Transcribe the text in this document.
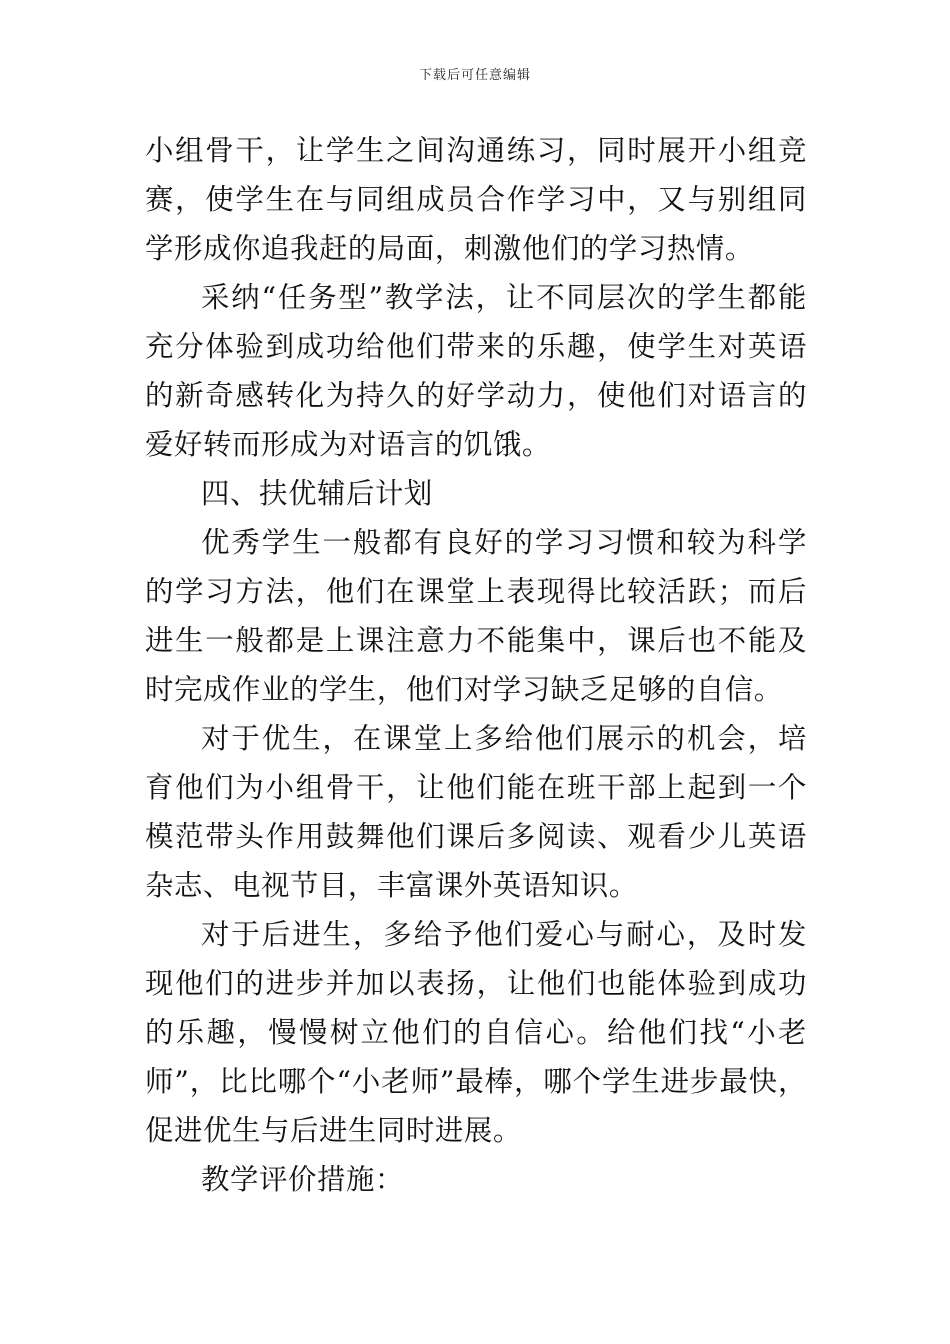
下载后可任意编辑

小组骨干，让学生之间沟通练习，同时展开小组竞赛，使学生在与同组成员合作学习中，又与别组同学形成你追我赶的局面，刺激他们的学习热情。

采纳“任务型”教学法，让不同层次的学生都能充分体验到成功给他们带来的乐趣，使学生对英语的新奇感转化为持久的好学动力，使他们对语言的爱好转而形成为对语言的饥饿。

四、扶优辅后计划

优秀学生一般都有良好的学习习惯和较为科学的学习方法，他们在课堂上表现得比较活跃；而后进生一般都是上课注意力不能集中，课后也不能及时完成作业的学生，他们对学习缺乏足够的自信。

对于优生，在课堂上多给他们展示的机会，培育他们为小组骨干，让他们能在班干部上起到一个模范带头作用鼓舞他们课后多阅读、观看少儿英语杂志、电视节目，丰富课外英语知识。

对于后进生，多给予他们爱心与耐心，及时发现他们的进步并加以表扬，让他们也能体验到成功的乐趣，慢慢树立他们的自信心。给他们找“小老师”，比比哪个“小老师”最棒，哪个学生进步最快，促进优生与后进生同时进展。

教学评价措施：
